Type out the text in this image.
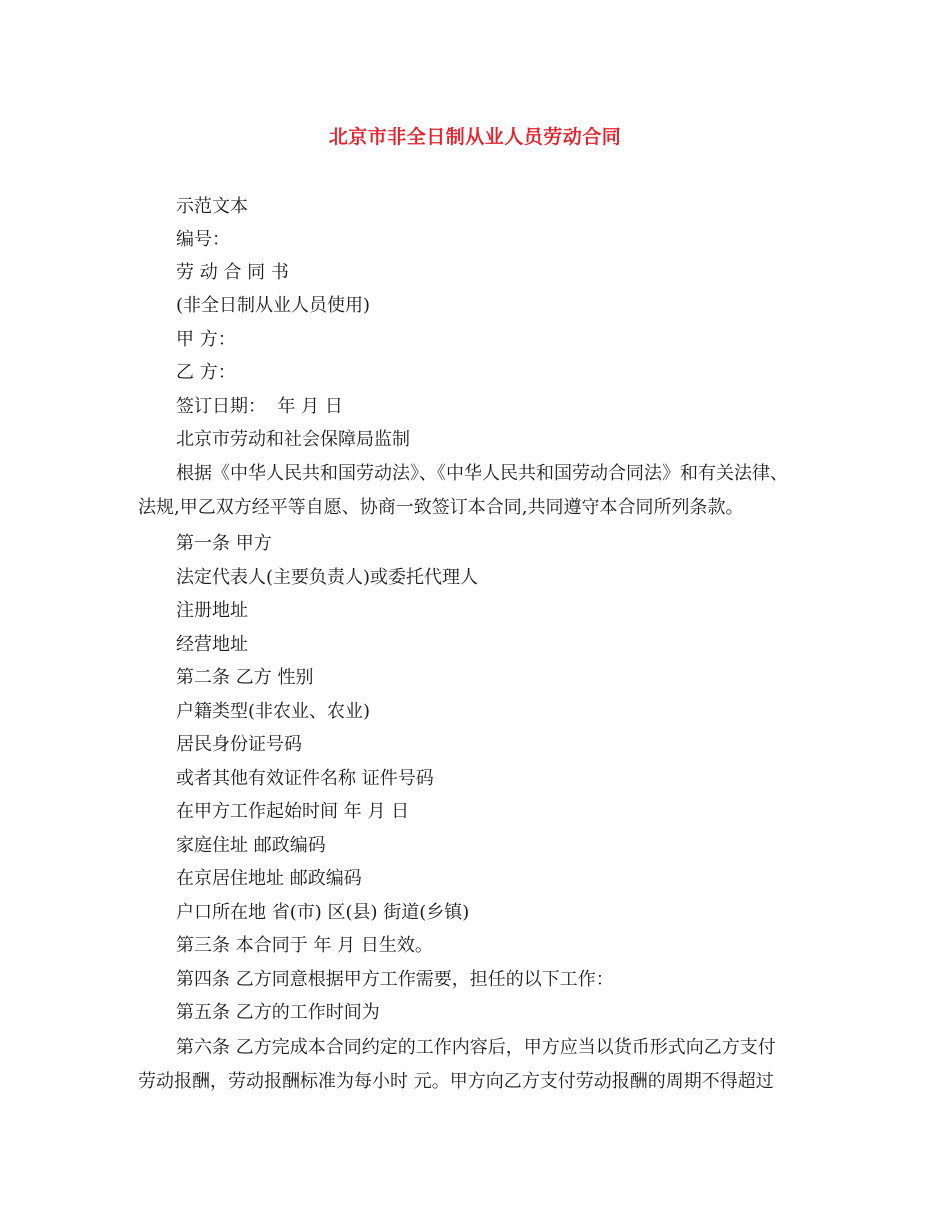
北京市非全日制从业人员劳动合同
示范文本
编号：
劳 动 合 同 书
(非全日制从业人员使用)
甲 方：
乙 方：
签订日期：  年 月 日
北京市劳动和社会保障局监制
根据《中华人民共和国劳动法》、《中华人民共和国劳动合同法》和有关法律、
法规,甲乙双方经平等自愿、协商一致签订本合同,共同遵守本合同所列条款。
第一条 甲方
法定代表人(主要负责人)或委托代理人
注册地址
经营地址
第二条 乙方 性别
户籍类型(非农业、农业)
居民身份证号码
或者其他有效证件名称 证件号码
在甲方工作起始时间 年 月 日
家庭住址 邮政编码
在京居住地址 邮政编码
户口所在地 省(市) 区(县) 街道(乡镇)
第三条 本合同于 年 月 日生效。
第四条 乙方同意根据甲方工作需要，担任的以下工作：
第五条 乙方的工作时间为
第六条 乙方完成本合同约定的工作内容后，甲方应当以货币形式向乙方支付
劳动报酬，劳动报酬标准为每小时 元。甲方向乙方支付劳动报酬的周期不得超过
